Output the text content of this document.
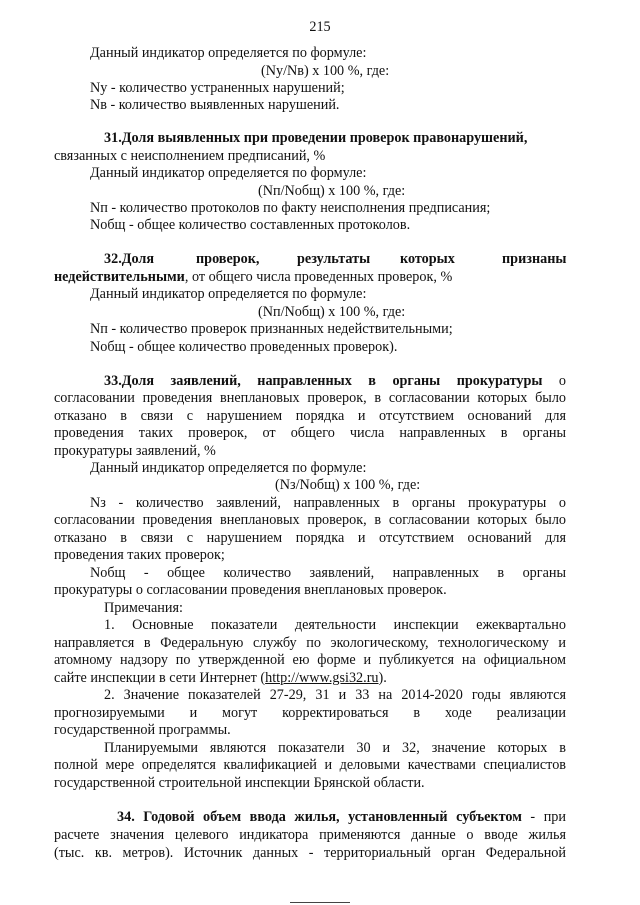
215
Данный индикатор определяется по формуле:
(Ny/Nв) x 100 %, где:
Ny - количество устраненных нарушений;
Nв - количество выявленных нарушений.
31.Доля выявленных при проведении проверок правонарушений,
связанных с неисполнением предписаний, %
Данный индикатор определяется по формуле:
(Nп/Nобщ) x 100 %, где:
Nп - количество протоколов по факту неисполнения предписания;
Nобщ - общее количество составленных протоколов.
32.Доля	проверок,	результаты которых	признаны
недействительными, от общего числа проведенных проверок, %
Данный индикатор определяется по формуле:
(Nп/Nобщ) x 100 %, где:
Nп - количество проверок признанных недействительными;
Nобщ - общее количество проведенных проверок).
33.Доля заявлений, направленных в органы прокуратуры о
согласовании проведения внеплановых проверок, в согласовании которых было
отказано в связи с нарушением порядка и отсутствием оснований для
проведения таких проверок, от общего числа направленных в органы
прокуратуры заявлений, %
Данный индикатор определяется по формуле:
(Nз/Nобщ) x 100 %, где:
Nз - количество заявлений, направленных в органы прокуратуры о
согласовании проведения внеплановых проверок, в согласовании которых было
отказано в связи с нарушением порядка и отсутствием оснований для
проведения таких проверок;
Nобщ - общее количество заявлений, направленных в органы
прокуратуры о согласовании проведения внеплановых проверок.
Примечания:
1. Основные показатели деятельности инспекции ежеквартально
направляется в Федеральную службу по экологическому, технологическому и
атомному надзору по утвержденной ею форме и публикуется на официальном
сайте инспекции в сети Интернет (http://www.gsi32.ru).
2. Значение показателей 27-29, 31 и 33 на 2014-2020 годы являются
прогнозируемыми и могут корректироваться в ходе реализации
государственной программы.
Планируемыми являются показатели 30 и 32, значение которых в
полной мере определятся квалификацией и деловыми качествами специалистов
государственной строительной инспекции Брянской области.
34. Годовой объем ввода жилья, установленный субъектом - при
расчете значения целевого индикатора применяются данные о вводе жилья
(тыс. кв. метров). Источник данных - территориальный орган Федеральной
